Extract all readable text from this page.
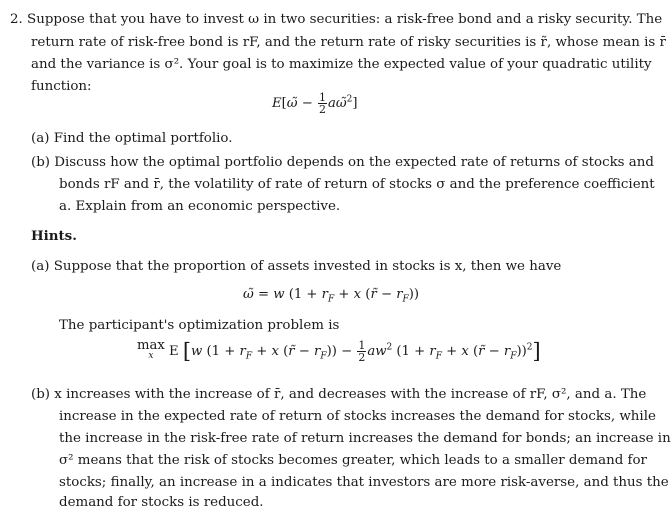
2. Suppose that you have to invest ω in two securities: a risk-free bond and a risky security. The
return rate of risk-free bond is rF, and the return rate of risky securities is r̃, whose mean is r̄
and the variance is σ². Your goal is to maximize the expected value of your quadratic utility
function:
E[ω̃ − $\frac{1}{2}$ aω̃$^2$]
(a) Find the optimal portfolio.
(b) Discuss how the optimal portfolio depends on the expected rate of returns of stocks and
bonds rF and r̄, the volatility of rate of return of stocks σ and the preference coefficient
a. Explain from an economic perspective.
Hints.
(a) Suppose that the proportion of assets invested in stocks is x, then we have
ω̃ = w ($1 + r_F + x$ (r̃ − $r_F$))
The participant's optimization problem is
max
x E [w ($1 + r_F + x$ (r̃ − $r_F)) - \frac{1}{2} aw^2$ ($1 + r_F + x$ (r̃ − $r_F))^2$]
(b) x increases with the increase of r̄, and decreases with the increase of rF, σ², and a. The
increase in the expected rate of return of stocks increases the demand for stocks, while
the increase in the risk-free rate of return increases the demand for bonds; an increase in
σ² means that the risk of stocks becomes greater, which leads to a smaller demand for
stocks; finally, an increase in a indicates that investors are more risk-averse, and thus the
demand for stocks is reduced.
